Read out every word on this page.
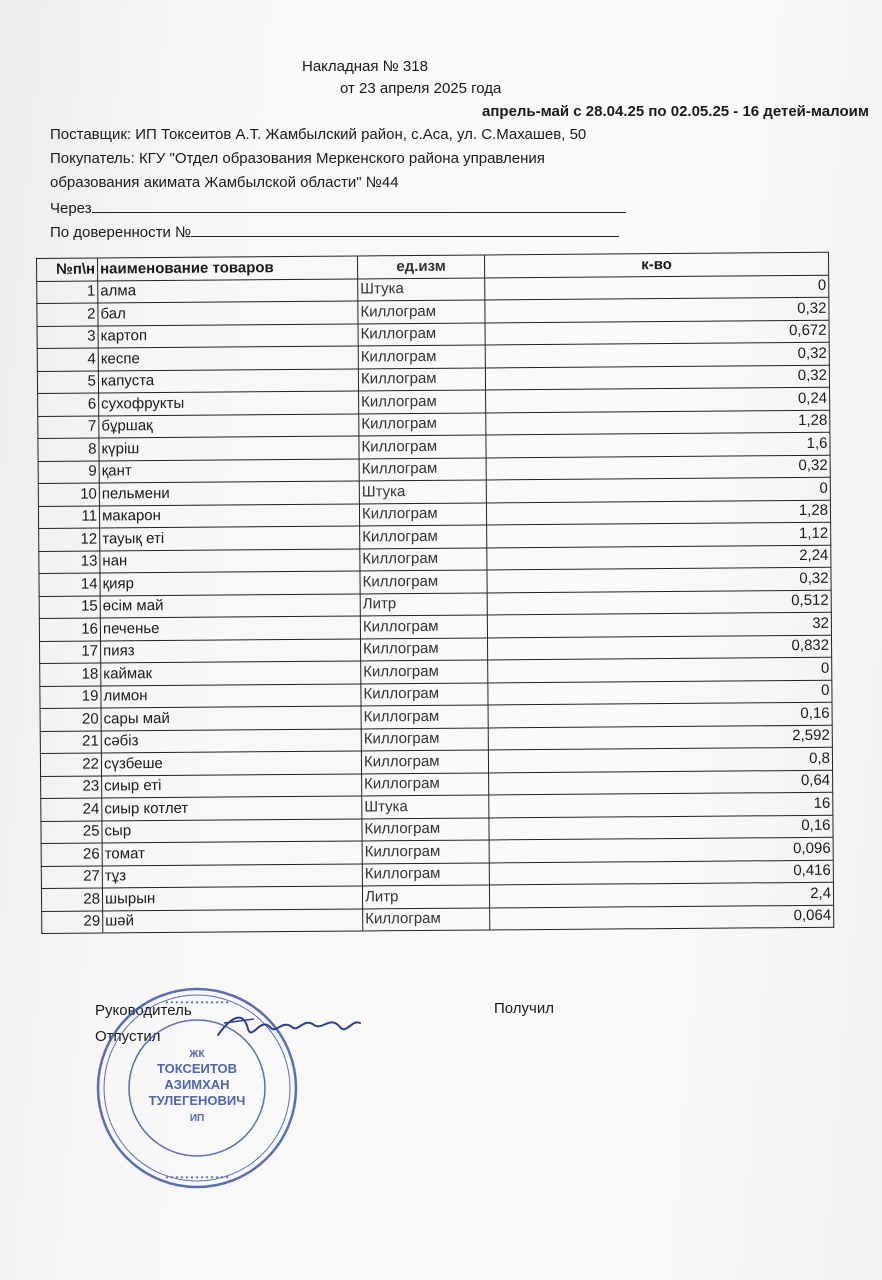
Накладная № 318
от 23 апреля 2025 года
апрель-май с 28.04.25 по 02.05.25 - 16 детей-малоим
Поставщик: ИП Токсеитов А.Т. Жамбылский район, с.Аса, ул. С.Махашев, 50
Покупатель: КГУ "Отдел образования Меркенского района управления
образования акимата Жамбылской области" №44
Через
По доверенности №
№п\н	наименование товаров	ед.изм	к-во
1	алма	Штука	0
2	бал	Киллограм	0,32
3	картоп	Киллограм	0,672
4	кеспе	Киллограм	0,32
5	капуста	Киллограм	0,32
6	сухофрукты	Киллограм	0,24
7	бұршақ	Киллограм	1,28
8	күріш	Киллограм	1,6
9	қант	Киллограм	0,32
10	пельмени	Штука	0
11	макарон	Киллограм	1,28
12	тауық еті	Киллограм	1,12
13	нан	Киллограм	2,24
14	қияр	Киллограм	0,32
15	өсім май	Литр	0,512
16	печенье	Киллограм	32
17	пияз	Киллограм	0,832
18	каймак	Киллограм	0
19	лимон	Киллограм	0
20	сары май	Киллограм	0,16
21	сәбіз	Киллограм	2,592
22	сүзбеше	Киллограм	0,8
23	сиыр еті	Киллограм	0,64
24	сиыр котлет	Штука	16
25	сыр	Киллограм	0,16
26	томат	Киллограм	0,096
27	тұз	Киллограм	0,416
28	шырын	Литр	2,4
29	шәй	Киллограм	0,064
Руководитель
Отпустил
Получил
• • • • • • • • • • • • •
• • • • • • • • • • • • •
ЖК
ТОКСЕИТОВ
АЗИМХАН
ТУЛЕГЕНОВИЧ
ИП
